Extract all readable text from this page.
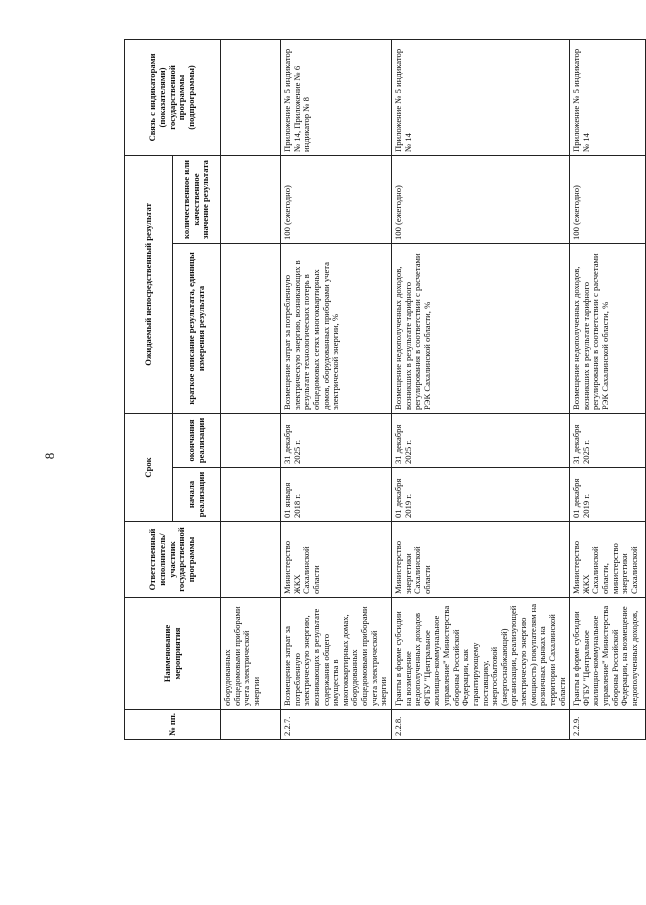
8
№ пп.	Наименование мероприятия	Ответственный исполнитель/участник государственной программы	Срок		Ожидаемый непосредственный результат		Связь с индикаторами (показателями) государственной программы (подпрограммы)
			начала реализации	окончания реализации	краткое описание результата, единицы измерения результата	количественное или качественное значение результата	
	оборудованных общедомовыми приборами учета электрической энергии						
2.2.7.	Возмещение затрат за потребленную электрическую энергию, возникающих в результате содержания общего имущества в многоквартирных домах, оборудованных общедомовыми приборами учета электрической энергии	Министерство ЖКХ Сахалинской области	01 января 2018 г.	31 декабря 2025 г.	Возмещение затрат за потребленную электрическую энергию, возникающих в результате технологических потерь в общедомовых сетях многоквартирных домов, оборудованных приборами учета электрической энергии, %	100 (ежегодно)	Приложение № 5 индикатор № 14, Приложение № 6 индикатор № 8
2.2.8.	Гранты в форме субсидии на возмещение недополученных доходов ФГБУ "Центральное жилищно-коммунальное управление" Министерства обороны Российской Федерации, как гарантирующему поставщику, энергосбытовой (энергоснабжающей) организации, реализующей электрическую энергию (мощность) покупателям на розничных рынках на территории Сахалинской области	Министерство энергетики Сахалинской области	01 декабря 2019 г.	31 декабря 2025 г.	Возмещение недополученных доходов, возникших в результате тарифного регулирования в соответствии с расчетами РЭК Сахалинской области, %	100 (ежегодно)	Приложение № 5 индикатор № 14
2.2.9.	Гранты в форме субсидии ФГБУ "Центральное жилищно-коммунальное управление" Министерства обороны Российской Федерации, на возмещение недополученных доходов,	Министерство ЖКХ Сахалинской области, министерство энергетики Сахалинской	01 декабря 2019 г.	31 декабря 2025 г.	Возмещение недополученных доходов, возникших в результате тарифного регулирования в соответствии с расчетами РЭК Сахалинской области, %	100 (ежегодно)	Приложение № 5 индикатор № 14
